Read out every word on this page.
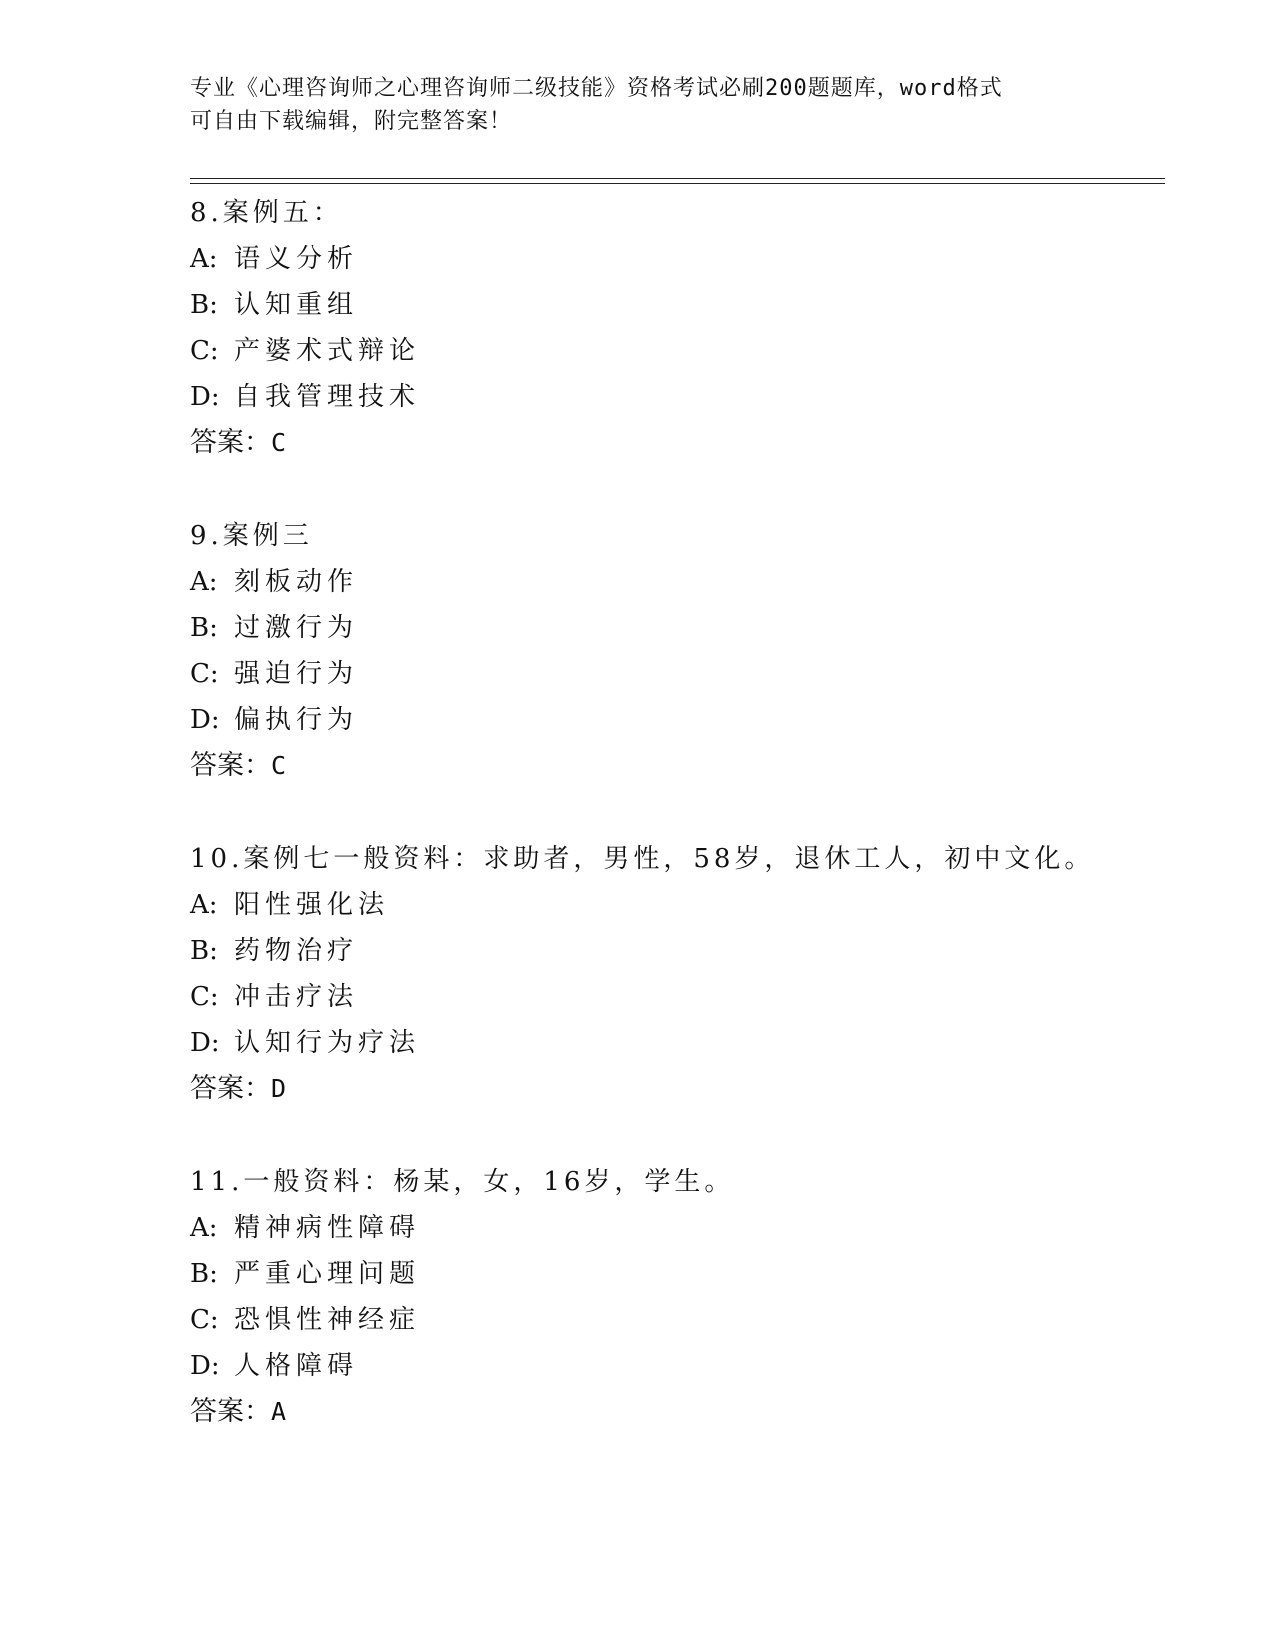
专业《心理咨询师之心理咨询师二级技能》资格考试必刷200题题库，word格式
可自由下载编辑，附完整答案！
8.案例五：
A: 语义分析
B: 认知重组
C: 产婆术式辩论
D: 自我管理技术
答案：C
9.案例三
A: 刻板动作
B: 过激行为
C: 强迫行为
D: 偏执行为
答案：C
10.案例七一般资料：求助者，男性，58岁，退休工人，初中文化。
A: 阳性强化法
B: 药物治疗
C: 冲击疗法
D: 认知行为疗法
答案：D
11.一般资料：杨某，女，16岁，学生。
A: 精神病性障碍
B: 严重心理问题
C: 恐惧性神经症
D: 人格障碍
答案：A
